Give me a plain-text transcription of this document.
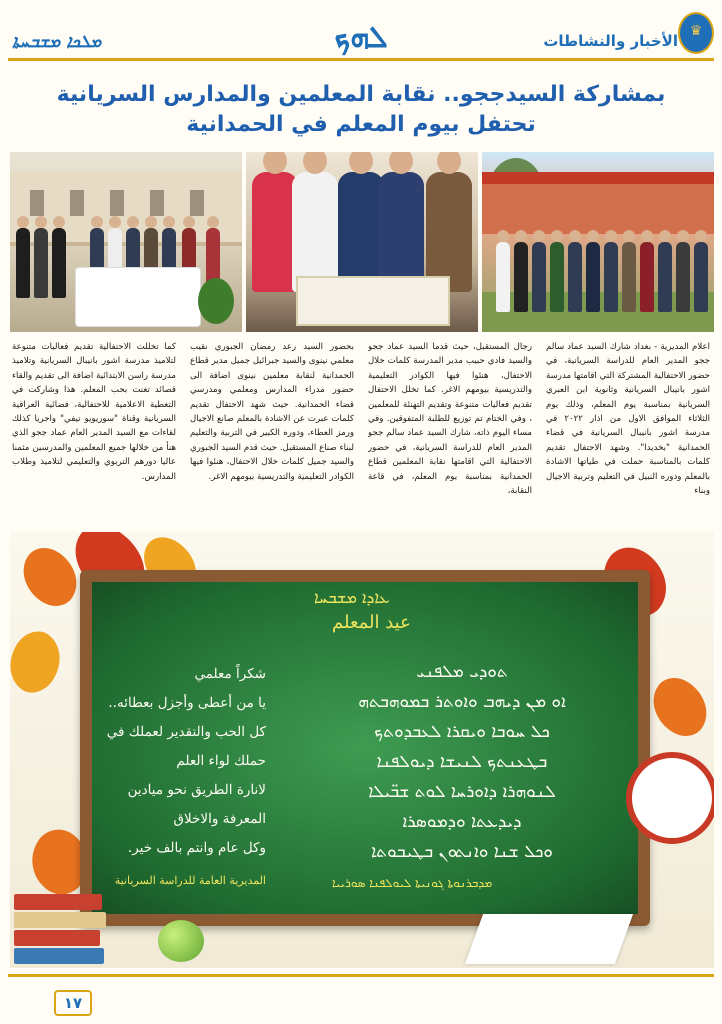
♛
الأخبار والنشاطات
ܠܗܟ
ܡܠܟܐ ܡܫܒܚܬܐ
بمشاركة السيدججو.. نقابة المعلمين والمدارس السريانية
تحتفل بيوم المعلم في الحمدانية
اعلام المديرية - بغداد شارك السيد عماد سالم ججو المدير العام للدراسة السريانية، في حضور الاحتفالية المشتركة التي اقامتها مدرسة اشور بانيبال السريانية وثانوية ابن العبري السريانية بمناسبة يوم المعلم، وذلك يوم الثلاثاء الموافق الاول من اذار ٢٠٢٢ في مدرسة اشور بانيبال السريانية في قضاء الحمدانية "بخديدا". وشهد الاحتفال تقديم كلمات بالمناسبة حملت في طياتها الاشادة بالمعلم ودوره النبيل في التعليم وتربية الاجيال وبناء
رجال المستقبل، حيث قدما السيد عماد ججو والسيد فادي حبيب مدير المدرسة كلمات خلال الاحتفال، هنئوا فيها الكوادر التعليمية والتدريسية بيومهم الاغر. كما تخلل الاحتفال تقديم فعاليات متنوعة وتقديم التهنئة للمعلمين ، وفي الختام تم توزيع للطلبة المتفوقين. وفي مساء اليوم ذاته، شارك السيد عماد سالم ججو المدير العام للدراسة السريانية، في حضور الاحتفالية التي اقامتها نقابة المعلمين قطاع الحمدانية بمناسبة يوم المعلم، في قاعة النقابة،
بحضور السيد رعد رمضان الجبوري نقيب معلمي نينوى والسيد جبرائيل جميل مدير قطاع الحمدانية لنقابة معلمين نينوى اضافة الى حضور مدراء المدارس ومعلمي ومدرسي قضاء الحمدانية. حيث شهد الاحتفال تقديم كلمات عبرت عن الاشادة بالمعلم صانع الاجيال ورمز العطاء، ودوره الكبير في التربية والتعليم لبناء صناع المستقبل. حيث قدم السيد الجبوري والسيد جميل كلمات خلال الاحتفال، هنئوا فيها الكوادر التعليمية والتدريسية بيومهم الاغر.
كما تخللت الاحتفالية تقديم فعاليات متنوعة لتلاميذ مدرسة اشور بانيبال السريانية وتلاميذ مدرسة راسن الابتدائية اضافة الى تقديم والقاء قصائد تغنت بحب المعلم. هذا وشاركت في التغطية الاعلامية للاحتفالية، فضائية العراقية السريانية وقناة "سوريويو تيفي" واجريا كذلك لقاءات مع السيد المدير العام عماد ججو الذي هنأ من خلالها جميع المعلمين والمدرسين مثمنا عاليا دورهم التربوي والتعليمي لتلاميذ وطلاب المدارس.
ܥܐܕܐ ܡܫܒܚܐ
عيد المعلم
شكراً معلمي
يا من أعطى وأجزل بعطائه..
كل الحب والتقدير لعملك في
حملك لواء العلم
لانارة الطريق نحو ميادين
المعرفة والاخلاق
وكل عام وانتم بالف خير.
المديرية العامة للدراسة السريانية
ܬܘܕܝ ܡܠܦܢܝ
ܐܘ ܡܢ ܕܝܗܒ ܘܐܘܬܪ ܒܡܘܗܒܬܗ
ܟܠ ܚܘܒܐ ܘܝܩܪܐ ܠܥܒܕܘܬܟ
ܒܛܥܢܬܟ ܠܢܝܫܐ ܕܝܘܠܦܢܐ
ܠܢܘܗܪܐ ܕܐܘܪܚܐ ܠܘܬ ܫܒ̈ܝܠܐ
ܕܝܕܥܬܐ ܘܕܡܘܣܪܐ
ܘܟܠ ܫܢܐ ܘܐܢܬܘܢ ܒܛܝܒܘܬܐ
ܡܕܒܪܢܘܬܐ ܓܘܢܝܬܐ ܠܝܘܠܦܢܐ ܣܘܪܝܝܐ
١٧
